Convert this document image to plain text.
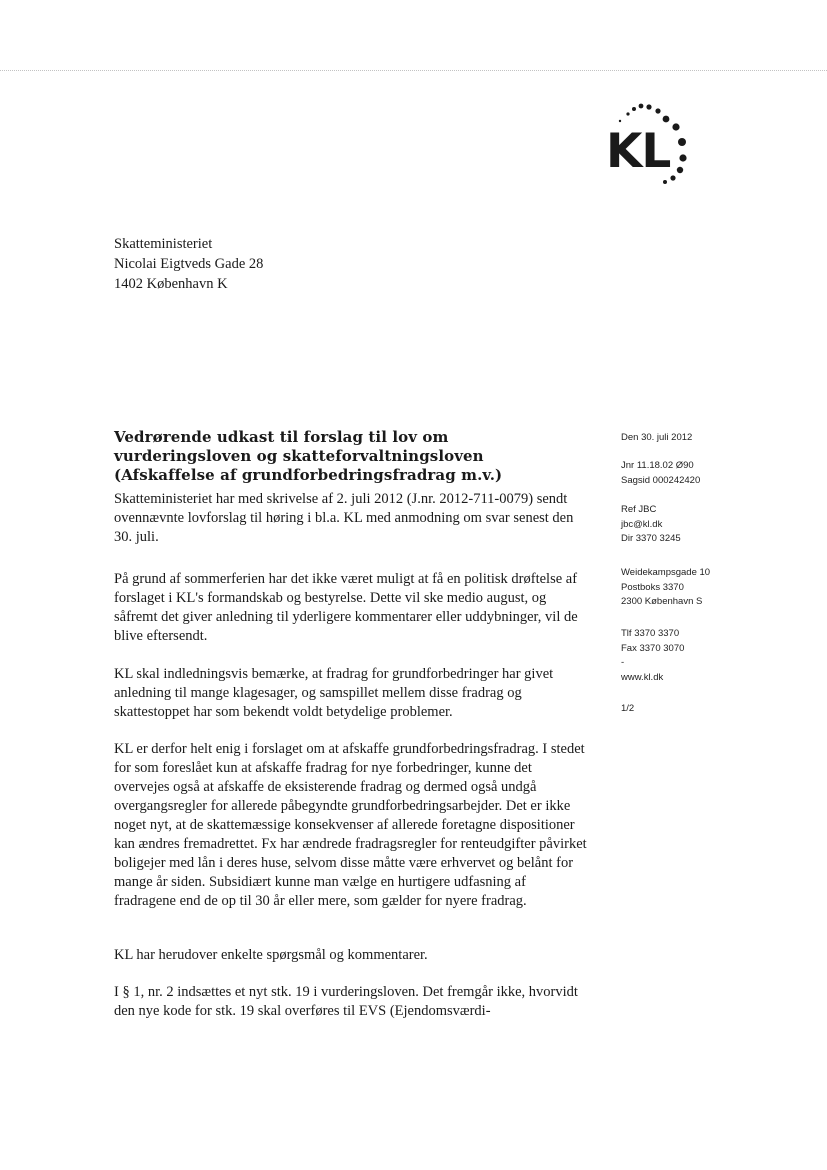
KL
Skatteministeriet
Nicolai Eigtveds Gade 28
1402 København K
Vedrørende udkast til forslag til lov om vurderingsloven og skatteforvaltningsloven (Afskaffelse af grundforbedringsfradrag m.v.)

Skatteministeriet har med skrivelse af 2. juli 2012 (J.nr. 2012-711-0079) sendt ovennævnte lovforslag til høring i bl.a. KL med anmodning om svar senest den 30. juli.

På grund af sommerferien har det ikke været muligt at få en politisk drøftelse af forslaget i KL's formandskab og bestyrelse. Dette vil ske medio august, og såfremt det giver anledning til yderligere kommentarer eller uddybninger, vil de blive eftersendt.

KL skal indledningsvis bemærke, at fradrag for grundforbedringer har givet anledning til mange klagesager, og samspillet mellem disse fradrag og skattestoppet har som bekendt voldt betydelige problemer.

KL er derfor helt enig i forslaget om at afskaffe grundforbedringsfradrag. I stedet for som foreslået kun at afskaffe fradrag for nye forbedringer, kunne det overvejes også at afskaffe de eksisterende fradrag og dermed også undgå overgangsregler for allerede påbegyndte grundforbedringsarbejder. Det er ikke noget nyt, at de skattemæssige konsekvenser af allerede foretagne dispositioner kan ændres fremadrettet. Fx har ændrede fradragsregler for renteudgifter påvirket boligejer med lån i deres huse, selvom disse måtte være erhvervet og belånt for mange år siden. Subsidiært kunne man vælge en hurtigere udfasning af fradragene end de op til 30 år eller mere, som gælder for nyere fradrag.

KL har herudover enkelte spørgsmål og kommentarer.

I § 1, nr. 2 indsættes et nyt stk. 19 i vurderingsloven. Det fremgår ikke, hvorvidt den nye kode for stk. 19 skal overføres til EVS (Ejendomsværdi-

Den 30. juli 2012
Jnr 11.18.02 Ø90
Sagsid 000242420
Ref JBC
jbc@kl.dk
Dir 3370 3245
Weidekampsgade 10
Postboks 3370
2300 København S
Tlf 3370 3370
Fax 3370 3070
-
www.kl.dk
1/2
